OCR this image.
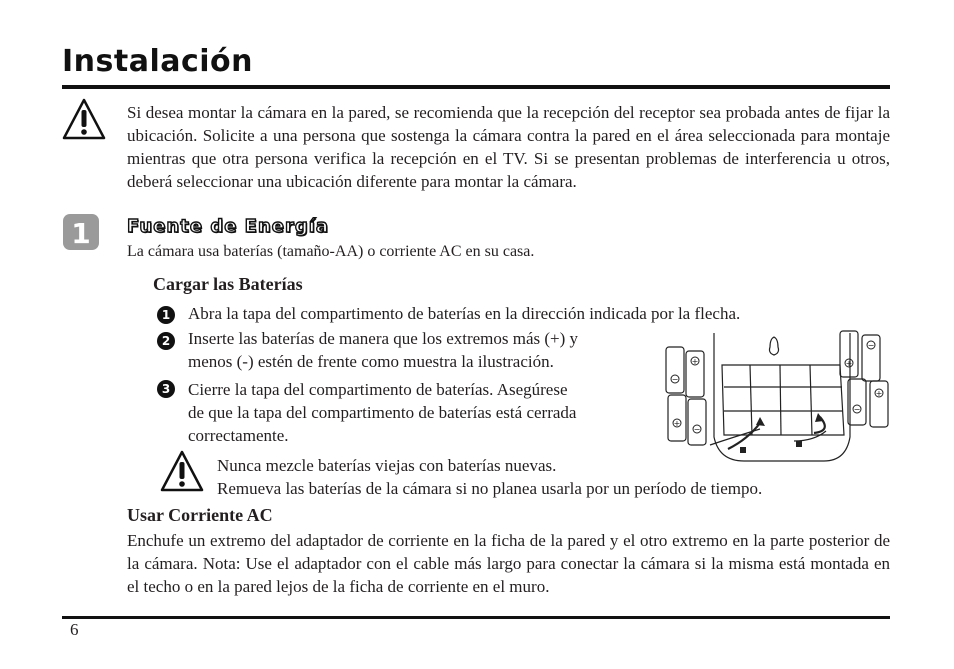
Instalación
Si desea montar la cámara en la pared, se recomienda que la recepción del receptor sea probada antes de fijar la ubicación. Solicite a una persona que sostenga la cámara contra la pared en el área seleccionada para montaje mientras que otra persona verifica la recepción en el TV. Si se presentan problemas de interferencia u otros, deberá seleccionar una ubicación diferente para montar la cámara.
1 Fuente de Energía
La cámara usa baterías (tamaño-AA) o corriente AC en su casa.
Cargar las Baterías
1 Abra la tapa del compartimento de baterías en la dirección indicada por la flecha.
2 Inserte las baterías de manera que los extremos más (+) y
menos (-) estén de frente como muestra la ilustración.
3 Cierre la tapa del compartimento de baterías. Asegúrese
de que la tapa del compartimento de baterías está cerrada
correctamente.
−
+
+
−
+
−
−
+
Nunca mezcle baterías viejas con baterías nuevas.
Remueva las baterías de la cámara si no planea usarla por un período de tiempo.
Usar Corriente AC
Enchufe un extremo del adaptador de corriente en la ficha de la pared y el otro extremo en la parte posterior de la cámara. Nota: Use el adaptador con el cable más largo para conectar la cámara si la misma está montada en el techo o en la pared lejos de la ficha de corriente en el muro.
6
